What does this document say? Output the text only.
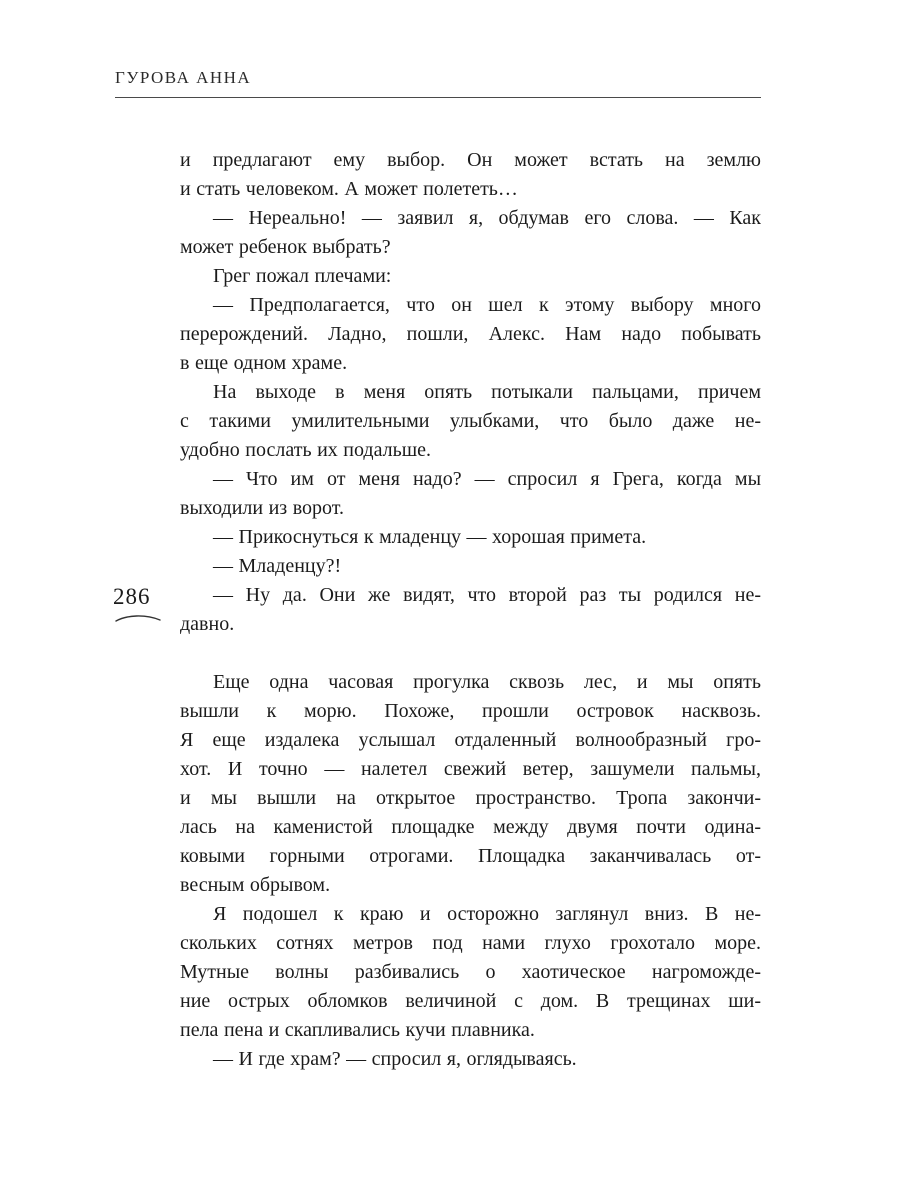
ГУРОВА АННА
286

и предлагают ему выбор. Он может встать на землю
и стать человеком. А может полететь…

— Нереально! — заявил я, обдумав его слова. — Как
может ребенок выбрать?

Грег пожал плечами:

— Предполагается, что он шел к этому выбору много
перерождений. Ладно, пошли, Алекс. Нам надо побывать
в еще одном храме.

На выходе в меня опять потыкали пальцами, причем
с такими умилительными улыбками, что было даже не-
удобно послать их подальше.

— Что им от меня надо? — спросил я Грега, когда мы
выходили из ворот.

— Прикоснуться к младенцу — хорошая примета.

— Младенцу?!

— Ну да. Они же видят, что второй раз ты родился не-
давно.

Еще одна часовая прогулка сквозь лес, и мы опять
вышли к морю. Похоже, прошли островок насквозь.
Я еще издалека услышал отдаленный волнообразный гро-
хот. И точно — налетел свежий ветер, зашумели пальмы,
и мы вышли на открытое пространство. Тропа закончи-
лась на каменистой площадке между двумя почти одина-
ковыми горными отрогами. Площадка заканчивалась от-
весным обрывом.

Я подошел к краю и осторожно заглянул вниз. В не-
скольких сотнях метров под нами глухо грохотало море.
Мутные волны разбивались о хаотическое нагроможде-
ние острых обломков величиной с дом. В трещинах ши-
пела пена и скапливались кучи плавника.

— И где храм? — спросил я, оглядываясь.
